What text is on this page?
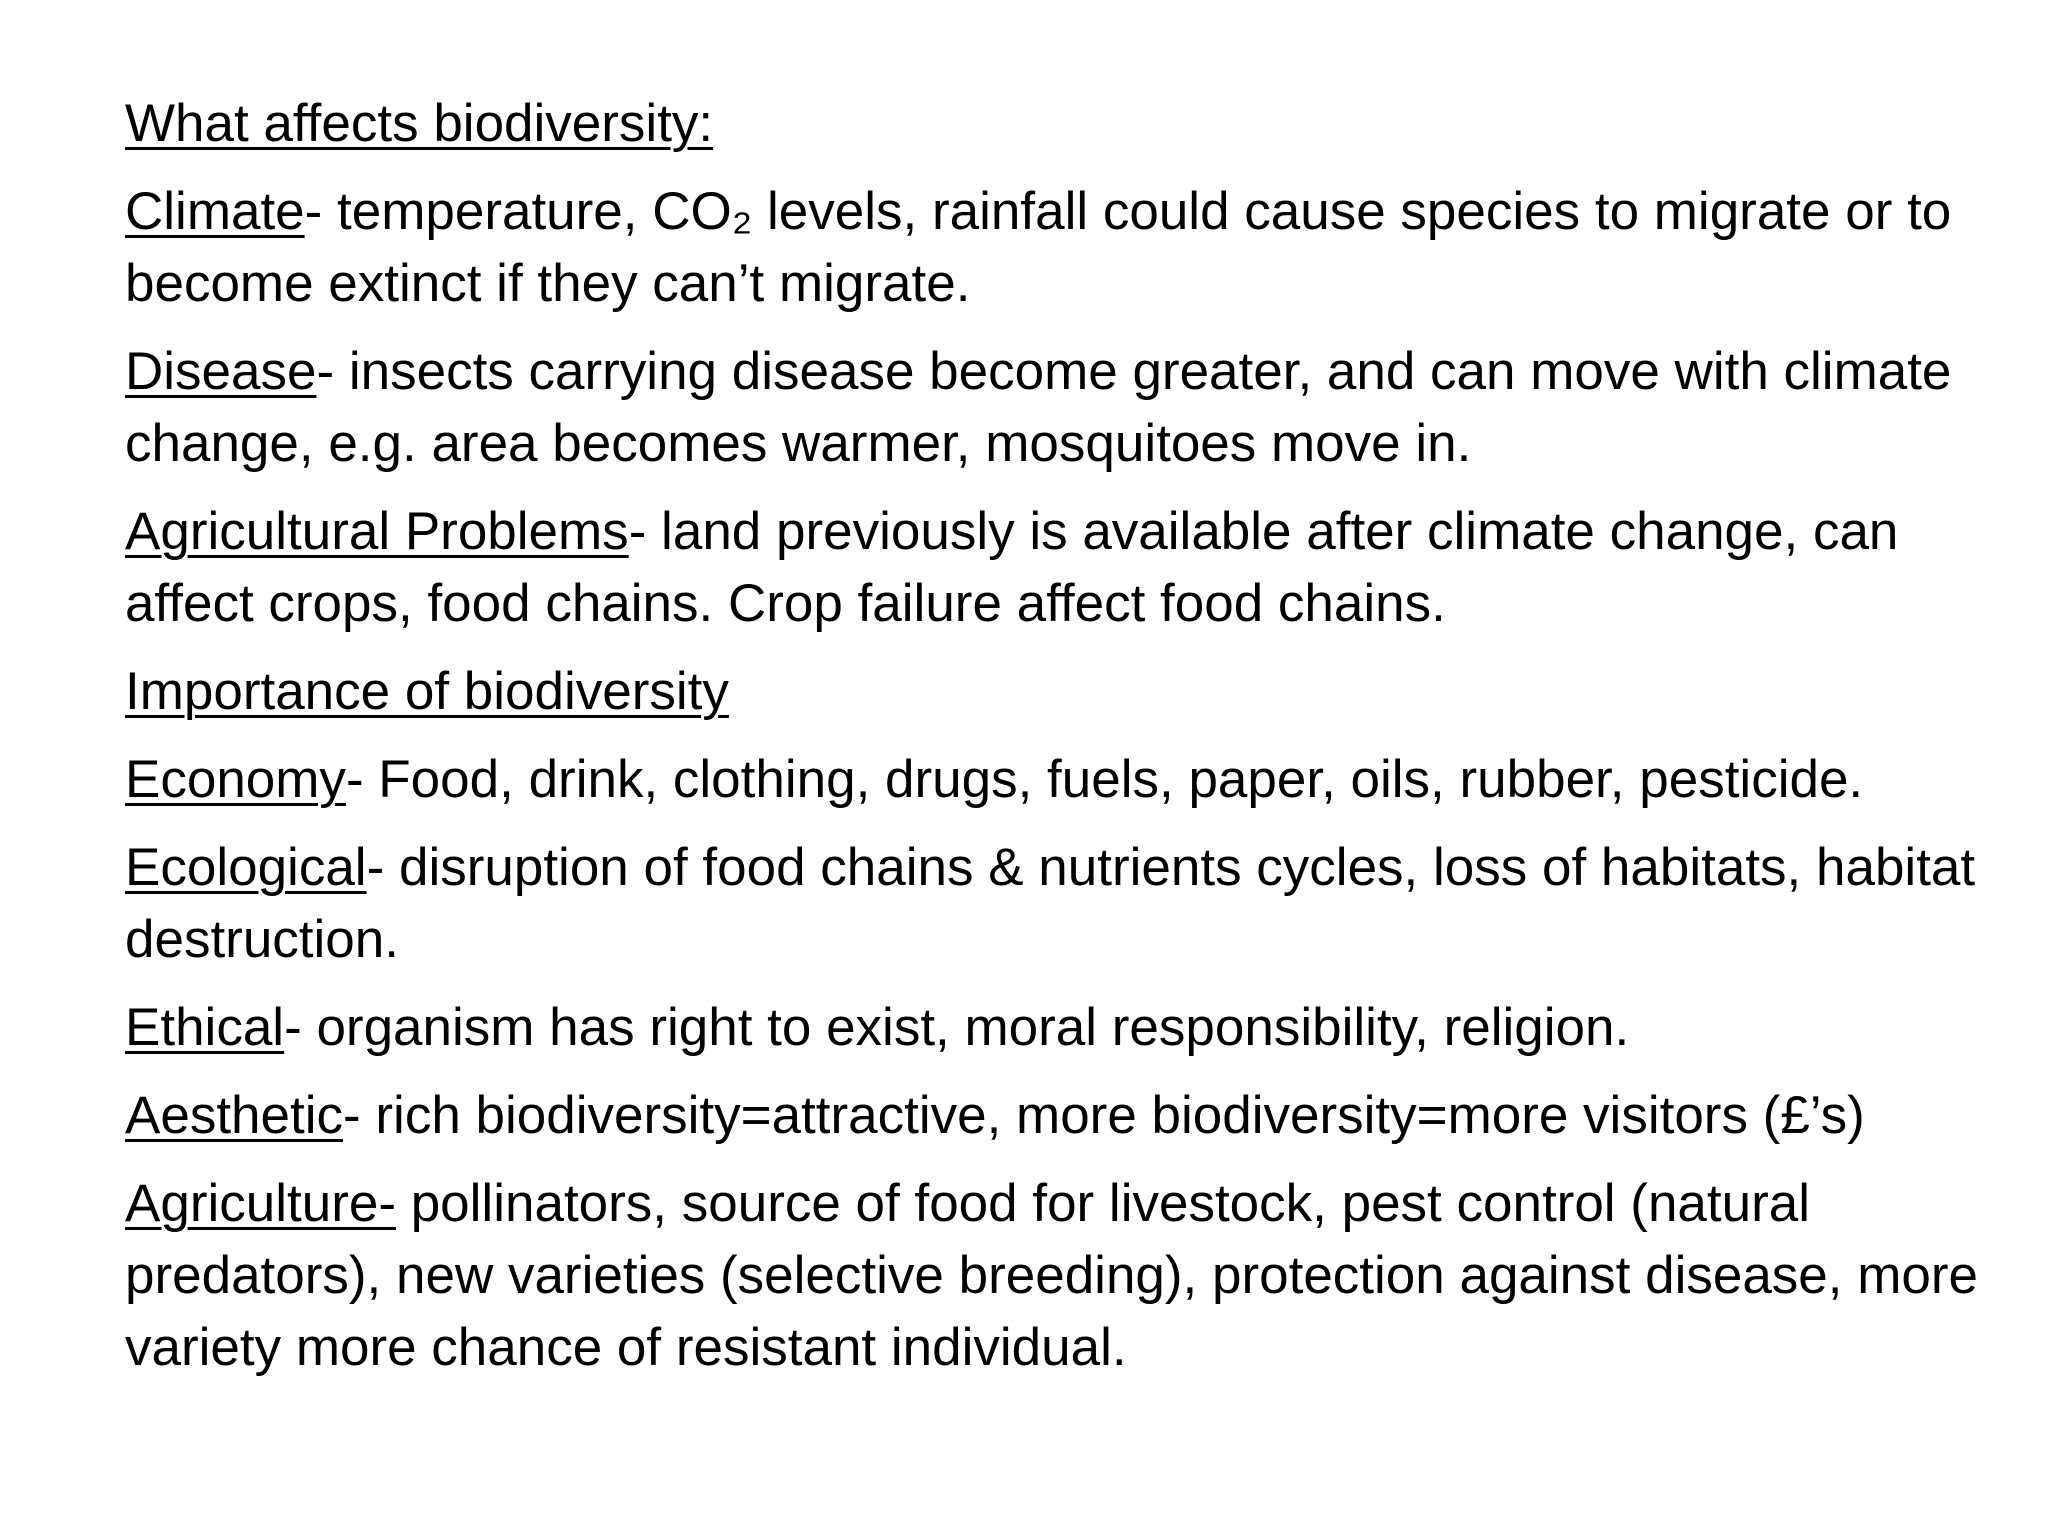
What affects biodiversity:

Climate- temperature, CO₂ levels, rainfall could cause species to migrate or to become extinct if they can’t migrate.

Disease- insects carrying disease become greater, and can move with climate change, e.g. area becomes warmer, mosquitoes move in.

Agricultural Problems- land previously is available after climate change, can affect crops, food chains. Crop failure affect food chains.

Importance of biodiversity

Economy- Food, drink, clothing, drugs, fuels, paper, oils, rubber, pesticide.

Ecological- disruption of food chains & nutrients cycles, loss of habitats, habitat destruction.

Ethical- organism has right to exist, moral responsibility, religion.

Aesthetic- rich biodiversity=attractive, more biodiversity=more visitors (£’s)

Agriculture- pollinators, source of food for livestock, pest control (natural predators), new varieties (selective breeding), protection against disease, more variety more chance of resistant individual.
